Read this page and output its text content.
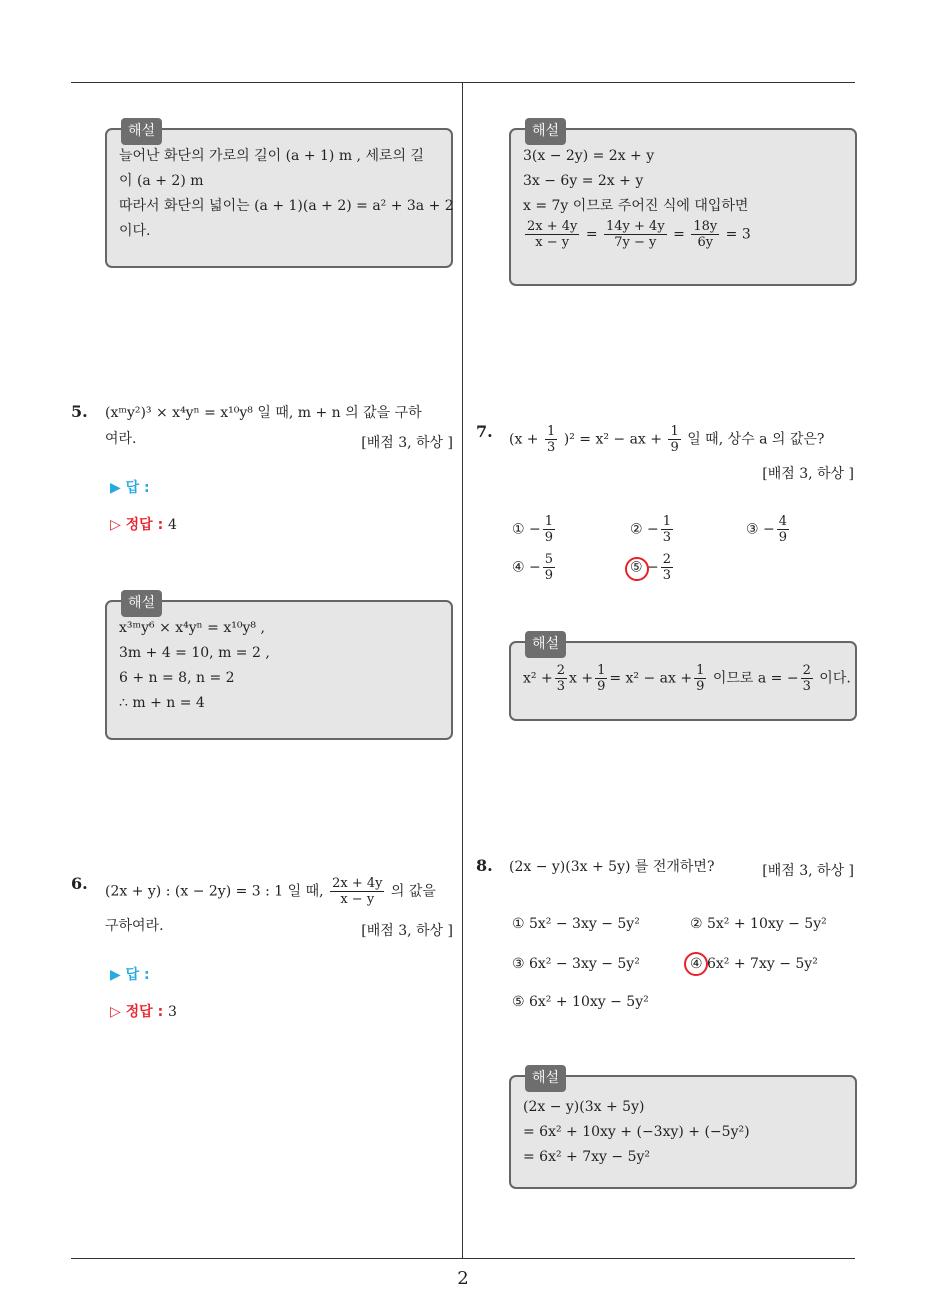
해설
늘어난 화단의 가로의 길이 (a + 1) m , 세로의 길
이 (a + 2) m
따라서 화단의 넓이는 (a + 1)(a + 2) = a² + 3a + 2
이다.
5. (xᵐy²)³ × x⁴yⁿ = x¹⁰y⁸ 일 때, m + n 의 값을 구하
여라.	[배점 3, 하상 ]
▶ 답 :
▷ 정답 : 4
해설
x³ᵐy⁶ × x⁴yⁿ = x¹⁰y⁸ ,
3m + 4 = 10, m = 2 ,
6 + n = 8, n = 2
∴ m + n = 4
6. (2x + y) : (x − 2y) = 3 : 1 일 때, $\frac{2x + 4y}{x - y}$ 의 값을
구하여라.	[배점 3, 하상 ]
▶ 답 :
▷ 정답 : 3
해설
3(x − 2y) = 2x + y
3x − 6y = 2x + y
x = 7y 이므로 주어진 식에 대입하면
$\frac{2x + 4y}{x - y} = \frac{14y + 4y}{7y - y} = \frac{18y}{6y} = 3$
7. $(x + \frac{1}{3} )^2 = x^2$ − ax + $\frac{1}{9}$ 일 때, 상수 a 의 값은?
[배점 3, 하상 ]
① − $\frac{1}{9}$	② − $\frac{1}{3}$	③ − $\frac{4}{9}$
④ − $\frac{5}{9}$	⑤ − $\frac{2}{3}$
해설
$x^2 + \frac{2}{3}$ $x + \frac{1}{9} = x^2$ − ax + $\frac{1}{9}$ 이므로 a = − $\frac{2}{3}$ 이다.
8. (2x − y)(3x + 5y) 를 전개하면?	[배점 3, 하상 ]
① 5x² − 3xy − 5y²	② 5x² + 10xy − 5y²
③ 6x² − 3xy − 5y²	④ 6x² + 7xy − 5y²
⑤ 6x² + 10xy − 5y²
해설
(2x − y)(3x + 5y)
= 6x² + 10xy + (−3xy) + (−5y²)
= 6x² + 7xy − 5y²
2
